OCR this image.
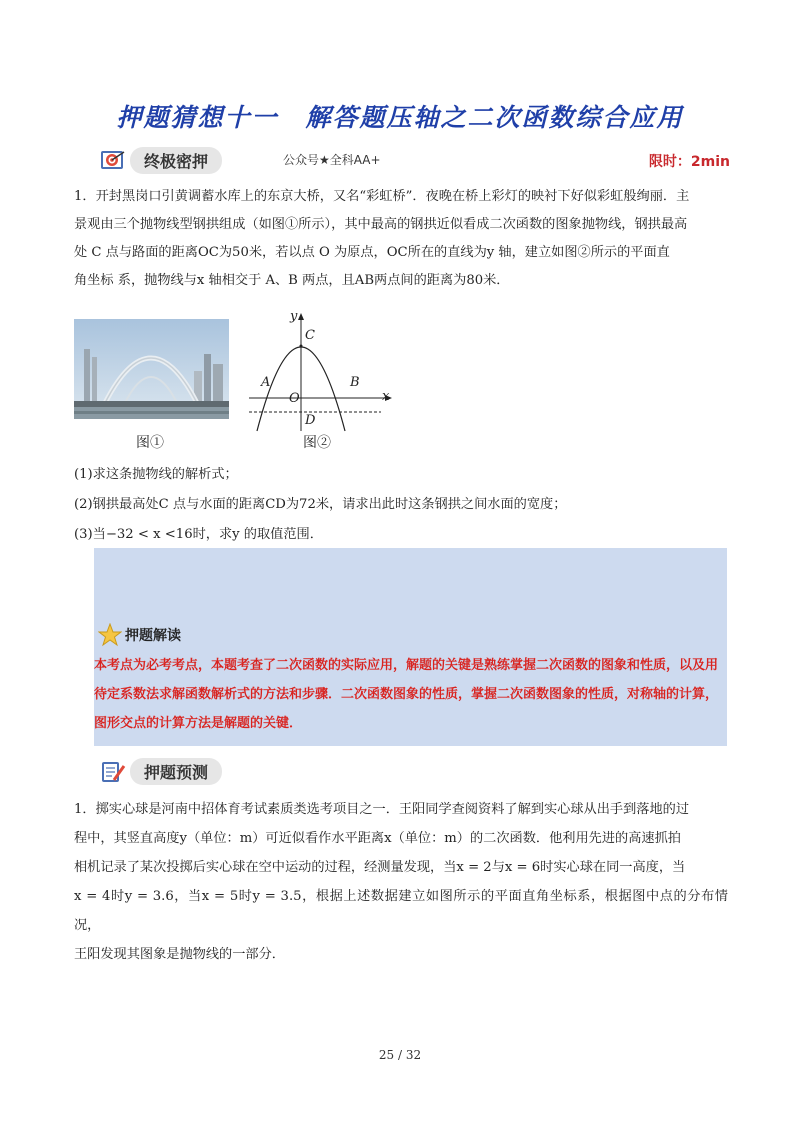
押题猜想十一　解答题压轴之二次函数综合应用
终极密押	公众号★全科AA+	限时：2min
1．开封黑岗口引黄调蓄水库上的东京大桥，又名“彩虹桥”．夜晚在桥上彩灯的映衬下好似彩虹般绚丽．主
景观由三个抛物线型钢拱组成（如图①所示），其中最高的钢拱近似看成二次函数的图象抛物线，钢拱最高
处 C 点与路面的距离OC为50米，若以点 O 为原点，OC所在的直线为y 轴，建立如图②所示的平面直
角坐标 系，抛物线与x 轴相交于 A、B 两点，且AB两点间的距离为80米．
图①
y
x
C
A	B
O
D
图②
(1)求这条抛物线的解析式；
(2)钢拱最高处C 点与水面的距离CD为72米，请求出此时这条钢拱之间水面的宽度；
(3)当−32 < x <16时，求y 的取值范围．
押题解读
本考点为必考考点，本题考查了二次函数的实际应用，解题的关键是熟练掌握二次函数的图象和性质，以及用待定系数法求解函数解析式的方法和步骤．二次函数图象的性质，掌握二次函数图象的性质，对称轴的计算，图形交点的计算方法是解题的关键．
押题预测
1．掷实心球是河南中招体育考试素质类选考项目之一．王阳同学查阅资料了解到实心球从出手到落地的过
程中，其竖直高度y（单位：m）可近似看作水平距离x（单位：m）的二次函数．他利用先进的高速抓拍
相机记录了某次投掷后实心球在空中运动的过程，经测量发现，当x = 2与x = 6时实心球在同一高度，当
x = 4时y = 3.6，当x = 5时y = 3.5，根据上述数据建立如图所示的平面直角坐标系，根据图中点的分布情况，
王阳发现其图象是抛物线的一部分．
25 / 32
